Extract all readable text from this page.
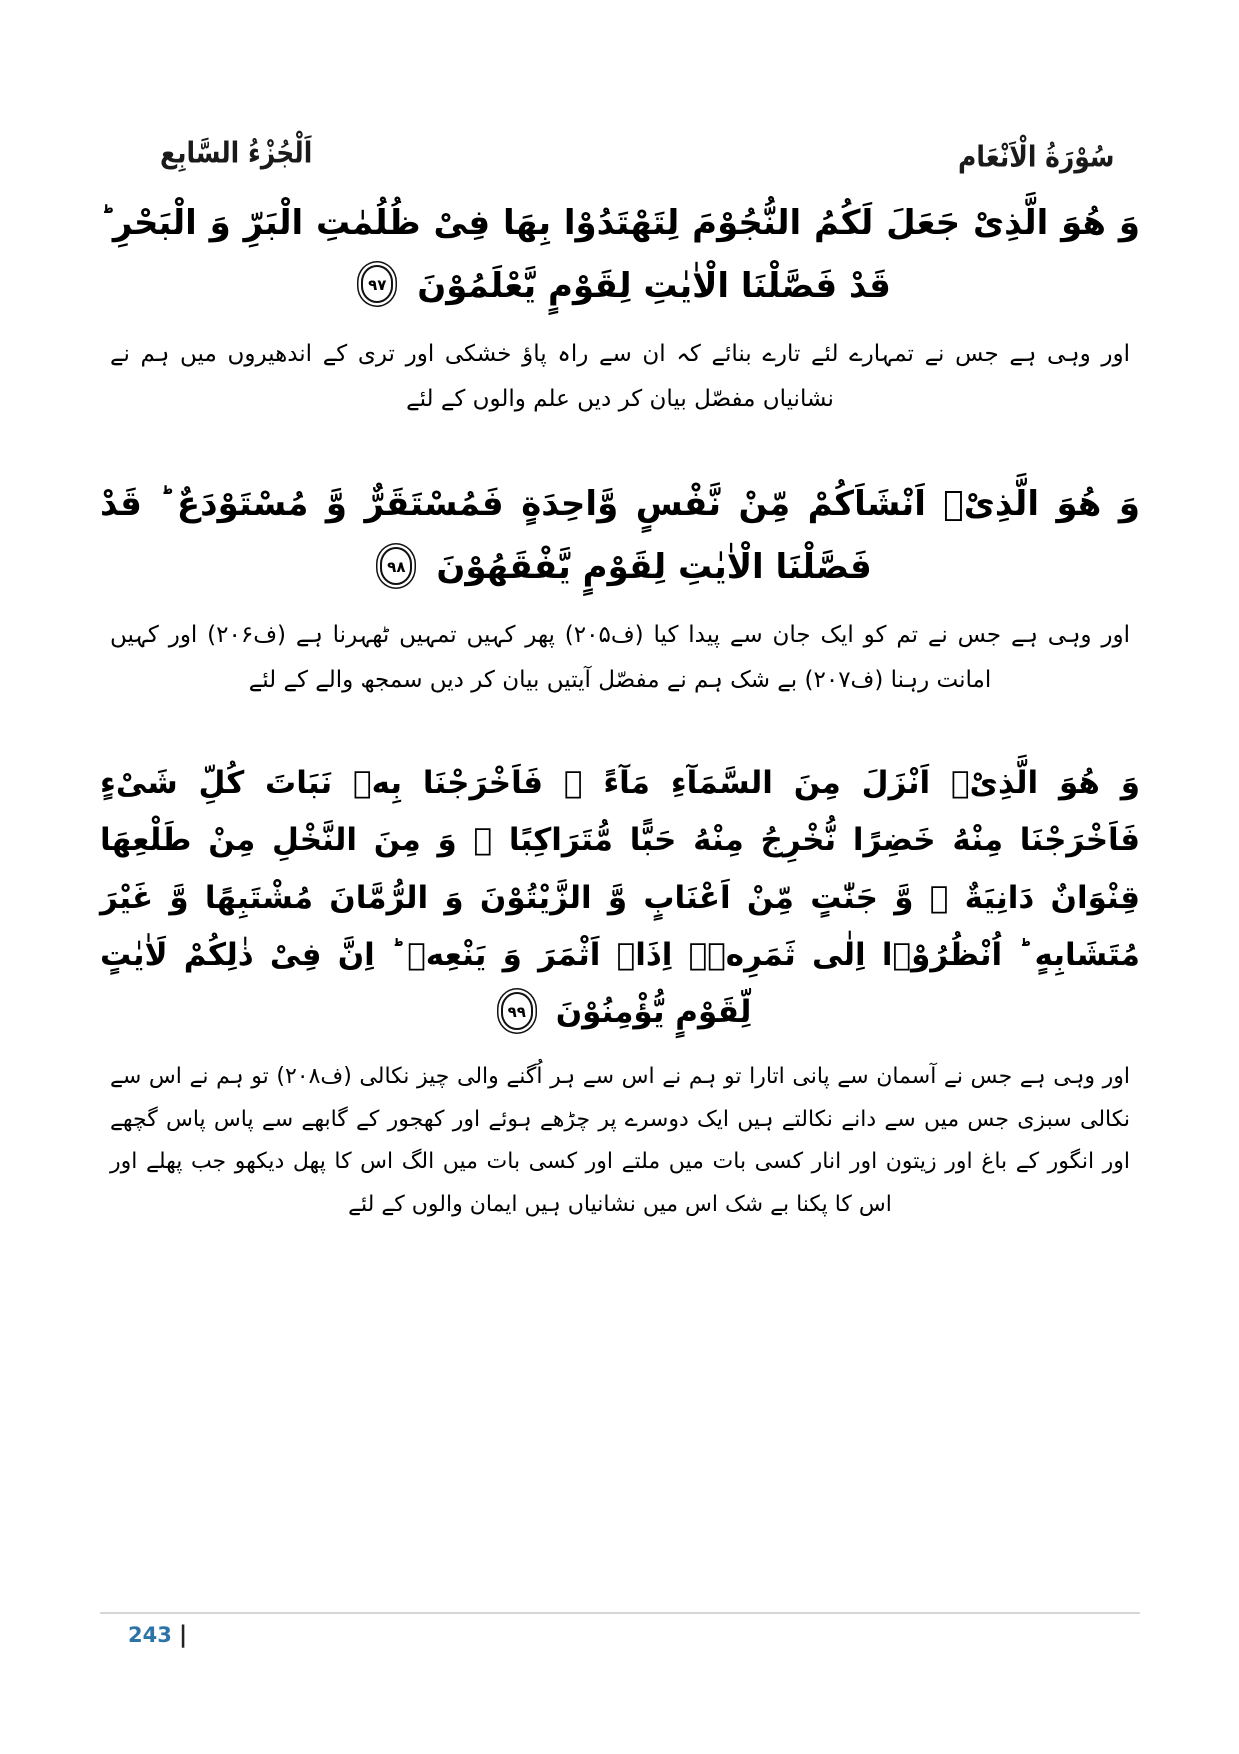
اَلْجُزْءُ السَّابِع	سُوْرَةُ الْاَنْعَام

وَ هُوَ الَّذِیْ جَعَلَ لَکُمُ النُّجُوْمَ لِتَهْتَدُوْا بِهَا فِیْ ظُلُمٰتِ الْبَرِّ وَ الْبَحْرِ ؕ قَدْ فَصَّلْنَا الْاٰیٰتِ لِقَوْمٍ یَّعْلَمُوْنَ ٩٧

اور وہی ہے جس نے تمہارے لئے تارے بنائے کہ ان سے راہ پاؤ خشکی اور تری کے اندھیروں میں ہم نے نشانیاں مفصّل بیان کر دیں علم والوں کے لئے

وَ هُوَ الَّذِیْۤ اَنْشَاَکُمْ مِّنْ نَّفْسٍ وَّاحِدَةٍ فَمُسْتَقَرٌّ وَّ مُسْتَوْدَعٌ ؕ قَدْ فَصَّلْنَا الْاٰیٰتِ لِقَوْمٍ یَّفْقَهُوْنَ ٩٨

اور وہی ہے جس نے تم کو ایک جان سے پیدا کیا (ف۲۰۵) پھر کہیں تمہیں ٹھہرنا ہے (ف۲۰۶) اور کہیں امانت رہنا (ف۲۰۷) بے شک ہم نے مفصّل آیتیں بیان کر دیں سمجھ والے کے لئے

وَ هُوَ الَّذِیْۤ اَنْزَلَ مِنَ السَّمَآءِ مَآءً ۚ فَاَخْرَجْنَا بِهٖ نَبَاتَ کُلِّ شَیْءٍ فَاَخْرَجْنَا مِنْهُ خَضِرًا نُّخْرِجُ مِنْهُ حَبًّا مُّتَرَاکِبًا ۚ وَ مِنَ النَّخْلِ مِنْ طَلْعِهَا قِنْوَانٌ دَانِیَةٌ ۙ وَّ جَنّٰتٍ مِّنْ اَعْنَابٍ وَّ الزَّیْتُوْنَ وَ الرُّمَّانَ مُشْتَبِهًا وَّ غَیْرَ مُتَشَابِهٍ ؕ اُنْظُرُوْۤا اِلٰی ثَمَرِهٖۤ اِذَاۤ اَثْمَرَ وَ یَنْعِهٖ ؕ اِنَّ فِیْ ذٰلِکُمْ لَاٰیٰتٍ لِّقَوْمٍ یُّؤْمِنُوْنَ ٩٩

اور وہی ہے جس نے آسمان سے پانی اتارا تو ہم نے اس سے ہر اُگنے والی چیز نکالی (ف۲۰۸) تو ہم نے اس سے نکالی سبزی جس میں سے دانے نکالتے ہیں ایک دوسرے پر چڑھے ہوئے اور کھجور کے گابھے سے پاس پاس گچھے اور انگور کے باغ اور زیتون اور انار کسی بات میں ملتے اور کسی بات میں الگ اس کا پھل دیکھو جب پھلے اور اس کا پکنا بے شک اس میں نشانیاں ہیں ایمان والوں کے لئے

243 |
